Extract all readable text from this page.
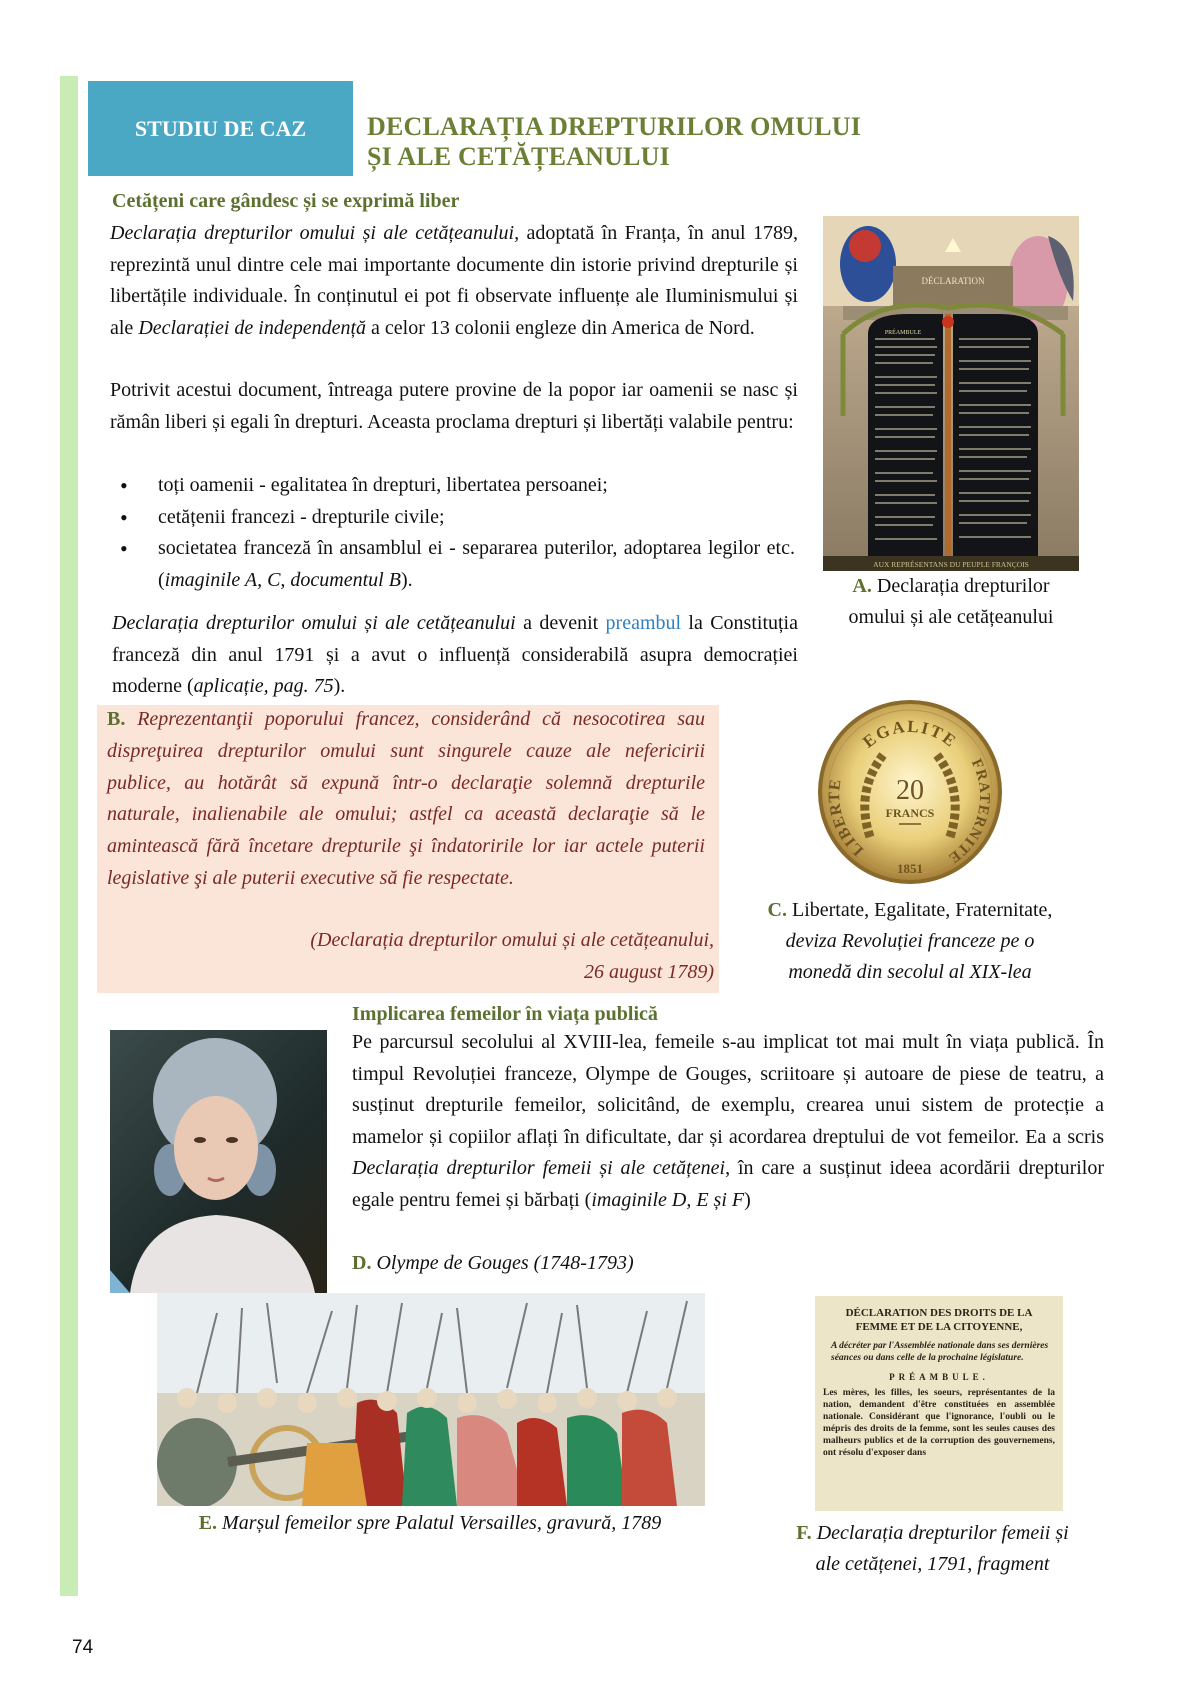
STUDIU DE CAZ DECLARAȚIA DREPTURILOR OMULUI
ȘI ALE CETĂȚEANULUI
Cetățeni care gândesc și se exprimă liber
Declarația drepturilor omului și ale cetățeanului, adoptată în Franța, în anul 1789, reprezintă unul dintre cele mai importante documente din istorie privind drepturile și libertățile individuale. În conținutul ei pot fi observate influențe ale Iluminismului și ale Declarației de independență a celor 13 colonii engleze din America de Nord.
Potrivit acestui document, întreaga putere provine de la popor iar oamenii se nasc și rămân liberi și egali în drepturi. Aceasta proclama drepturi și libertăți valabile pentru:
• toți oamenii - egalitatea în drepturi, libertatea persoanei;
• cetățenii francezi - drepturile civile;
• societatea franceză în ansamblul ei - separarea puterilor, adoptarea legilor etc. (imaginile A, C, documentul B).
Declarația drepturilor omului și ale cetățeanului a devenit preambul la Constituția franceză din anul 1791 și a avut o influență considerabilă asupra democrației moderne (aplicație, pag. 75).
B. Reprezentanţii poporului francez, considerând că nesocotirea sau dispreţuirea drepturilor omului sunt singurele cauze ale nefericirii publice, au hotărât să expună într-o declaraţie solemnă drepturile naturale, inalienabile ale omului; astfel ca această declaraţie să le amintească fără încetare drepturile şi îndatoririle lor iar actele puterii legislative şi ale puterii executive să fie respectate.
(Declarația drepturilor omului și ale cetățeanului,
26 august 1789)
DÉCLARATION
PRÉAMBULE
AUX REPRÉSENTANS DU PEUPLE FRANÇOIS
A. Declarația drepturilor
omului și ale cetățeanului
EGALITE
LIBERTE
FRATERNITE
20
FRANCS
1851
C. Libertate, Egalitate, Fraternitate,
deviza Revoluției franceze pe o
monedă din secolul al XIX-lea
Implicarea femeilor în viața publică
Pe parcursul secolului al XVIII-lea, femeile s-au implicat tot mai mult în viața publică. În timpul Revoluției franceze, Olympe de Gouges, scriitoare și autoare de piese de teatru, a susținut drepturile femeilor, solicitând, de exemplu, crearea unui sistem de protecție a mamelor și copiilor aflați în dificultate, dar și acordarea dreptului de vot femeilor. Ea a scris Declarația drepturilor femeii și ale cetățenei, în care a susținut ideea acordării drepturilor egale pentru femei și bărbați (imaginile D, E și F)
D. Olympe de Gouges (1748-1793)
E. Marșul femeilor spre Palatul Versailles, gravură, 1789
DÉCLARATION DES DROITS DE LA
FEMME ET DE LA CITOYENNE,
A décréter par l'Assemblée nationale dans ses dernières séances ou dans celle de la prochaine législature.
PRÉAMBULE.
Les mères, les filles, les soeurs, représentantes de la nation, demandent d'être constituées en assemblée nationale. Considérant que l'ignorance, l'oubli ou le mépris des droits de la femme, sont les seules causes des malheurs publics et de la corruption des gouvernemens, ont résolu d'exposer dans
F. Declarația drepturilor femeii și
ale cetățenei, 1791, fragment
74
